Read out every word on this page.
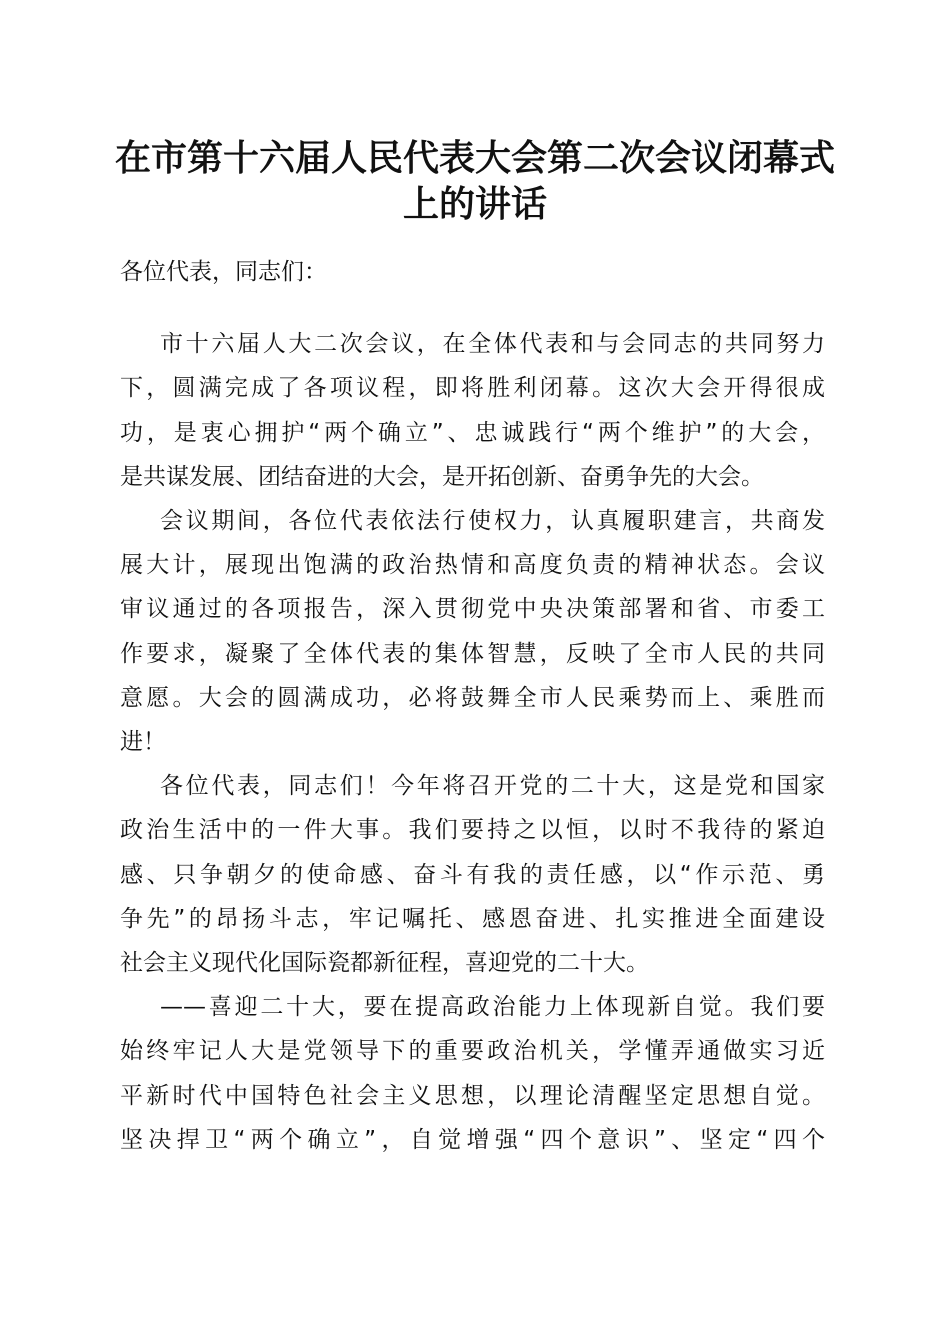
在市第十六届人民代表大会第二次会议闭幕式
上的讲话
各位代表，同志们：
市十六届人大二次会议，在全体代表和与会同志的共同努力
下，圆满完成了各项议程，即将胜利闭幕。这次大会开得很成
功，是衷心拥护“两个确立”、忠诚践行“两个维护”的大会，
是共谋发展、团结奋进的大会，是开拓创新、奋勇争先的大会。
会议期间，各位代表依法行使权力，认真履职建言，共商发
展大计，展现出饱满的政治热情和高度负责的精神状态。会议
审议通过的各项报告，深入贯彻党中央决策部署和省、市委工
作要求，凝聚了全体代表的集体智慧，反映了全市人民的共同
意愿。大会的圆满成功，必将鼓舞全市人民乘势而上、乘胜而
进！
各位代表，同志们！今年将召开党的二十大，这是党和国家
政治生活中的一件大事。我们要持之以恒，以时不我待的紧迫
感、只争朝夕的使命感、奋斗有我的责任感，以“作示范、勇
争先”的昂扬斗志，牢记嘱托、感恩奋进、扎实推进全面建设
社会主义现代化国际瓷都新征程，喜迎党的二十大。
——喜迎二十大，要在提高政治能力上体现新自觉。我们要
始终牢记人大是党领导下的重要政治机关，学懂弄通做实习近
平新时代中国特色社会主义思想，以理论清醒坚定思想自觉。
坚决捍卫“两个确立”，自觉增强“四个意识”、坚定“四个
